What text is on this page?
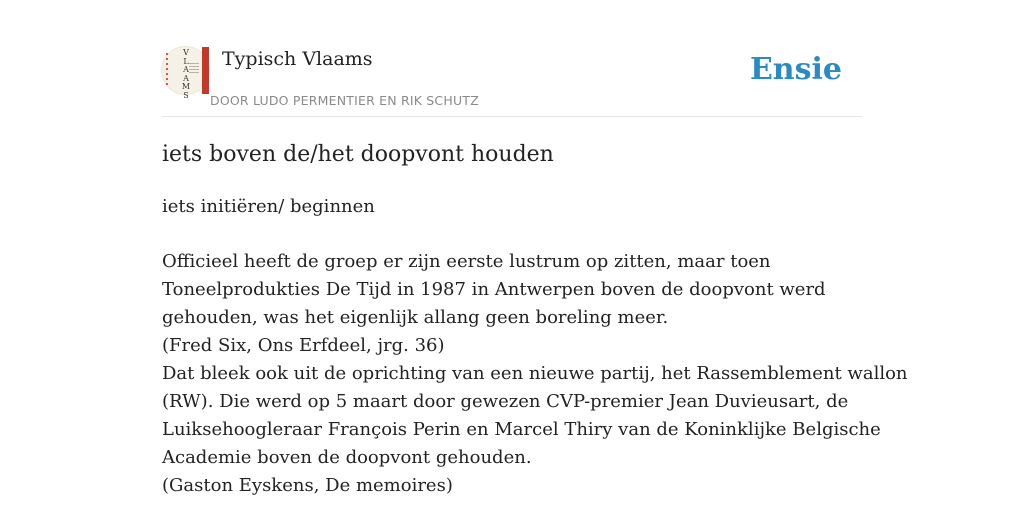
V
L
A
A
M
S
Typisch Vlaams
DOOR LUDO PERMENTIER EN RIK SCHUTZ
Ensie
iets boven de/het doopvont houden

iets initiëren/ beginnen

Officieel heeft de groep er zijn eerste lustrum op zitten, maar toen
Toneelprodukties De Tijd in 1987 in Antwerpen boven de doopvont werd
gehouden, was het eigenlijk allang geen boreling meer.
(Fred Six, Ons Erfdeel, jrg. 36)
Dat bleek ook uit de oprichting van een nieuwe partij, het Rassemblement wallon
(RW). Die werd op 5 maart door gewezen CVP-premier Jean Duvieusart, de
Luiksehoogleraar François Perin en Marcel Thiry van de Koninklijke Belgische
Academie boven de doopvont gehouden.
(Gaston Eyskens, De memoires)
